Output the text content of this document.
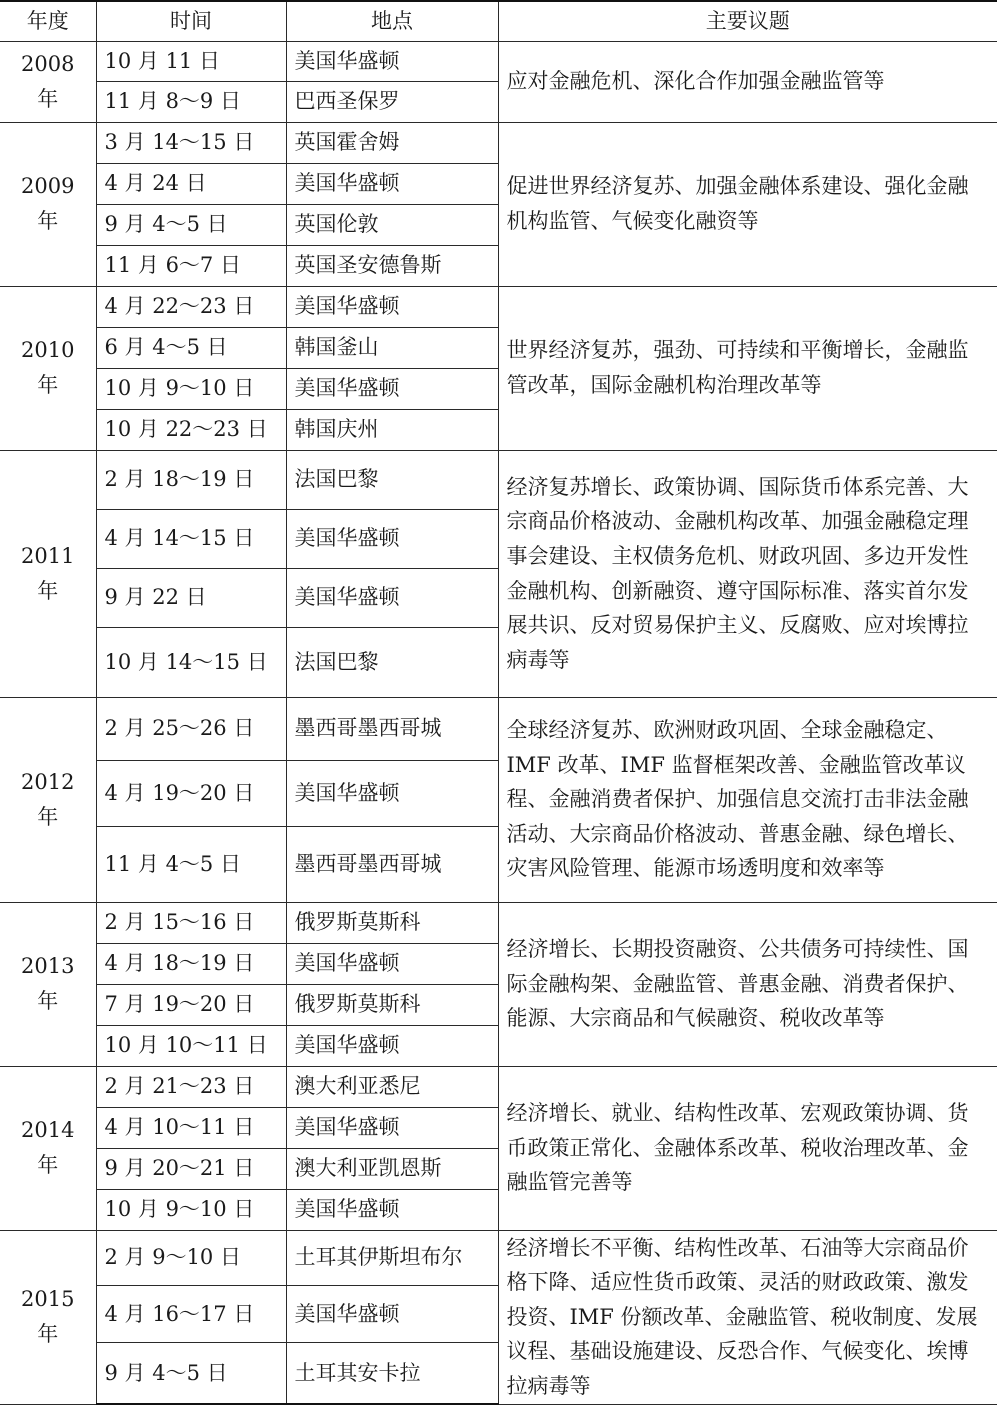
年度	时间	地点	主要议题
2008 年	10 月 11 日	美国华盛顿	应对金融危机、深化合作加强金融监管等
	11 月 8～9 日	巴西圣保罗	
2009 年	3 月 14～15 日	英国霍舍姆	促进世界经济复苏、加强金融体系建设、强化金融机构监管、气候变化融资等
	4 月 24 日	美国华盛顿	
	9 月 4～5 日	英国伦敦	
	11 月 6～7 日	英国圣安德鲁斯	
2010 年	4 月 22～23 日	美国华盛顿	世界经济复苏，强劲、可持续和平衡增长，金融监管改革，国际金融机构治理改革等
	6 月 4～5 日	韩国釜山	
	10 月 9～10 日	美国华盛顿	
	10 月 22～23 日	韩国庆州	
2011 年	2 月 18～19 日	法国巴黎	经济复苏增长、政策协调、国际货币体系完善、大宗商品价格波动、金融机构改革、加强金融稳定理事会建设、主权债务危机、财政巩固、多边开发性金融机构、创新融资、遵守国际标准、落实首尔发展共识、反对贸易保护主义、反腐败、应对埃博拉病毒等
	4 月 14～15 日	美国华盛顿	
	9 月 22 日	美国华盛顿	
	10 月 14～15 日	法国巴黎	
2012 年	2 月 25～26 日	墨西哥墨西哥城	全球经济复苏、欧洲财政巩固、全球金融稳定、IMF 改革、IMF 监督框架改善、金融监管改革议程、金融消费者保护、加强信息交流打击非法金融活动、大宗商品价格波动、普惠金融、绿色增长、灾害风险管理、能源市场透明度和效率等
	4 月 19～20 日	美国华盛顿	
	11 月 4～5 日	墨西哥墨西哥城	
2013 年	2 月 15～16 日	俄罗斯莫斯科	经济增长、长期投资融资、公共债务可持续性、国际金融构架、金融监管、普惠金融、消费者保护、能源、大宗商品和气候融资、税收改革等
	4 月 18～19 日	美国华盛顿	
	7 月 19～20 日	俄罗斯莫斯科	
	10 月 10～11 日	美国华盛顿	
2014 年	2 月 21～23 日	澳大利亚悉尼	经济增长、就业、结构性改革、宏观政策协调、货币政策正常化、金融体系改革、税收治理改革、金融监管完善等
	4 月 10～11 日	美国华盛顿	
	9 月 20～21 日	澳大利亚凯恩斯	
	10 月 9～10 日	美国华盛顿	
2015 年	2 月 9～10 日	土耳其伊斯坦布尔	经济增长不平衡、结构性改革、石油等大宗商品价格下降、适应性货币政策、灵活的财政政策、激发投资、IMF 份额改革、金融监管、税收制度、发展议程、基础设施建设、反恐合作、气候变化、埃博拉病毒等
	4 月 16～17 日	美国华盛顿	
	9 月 4～5 日	土耳其安卡拉	
